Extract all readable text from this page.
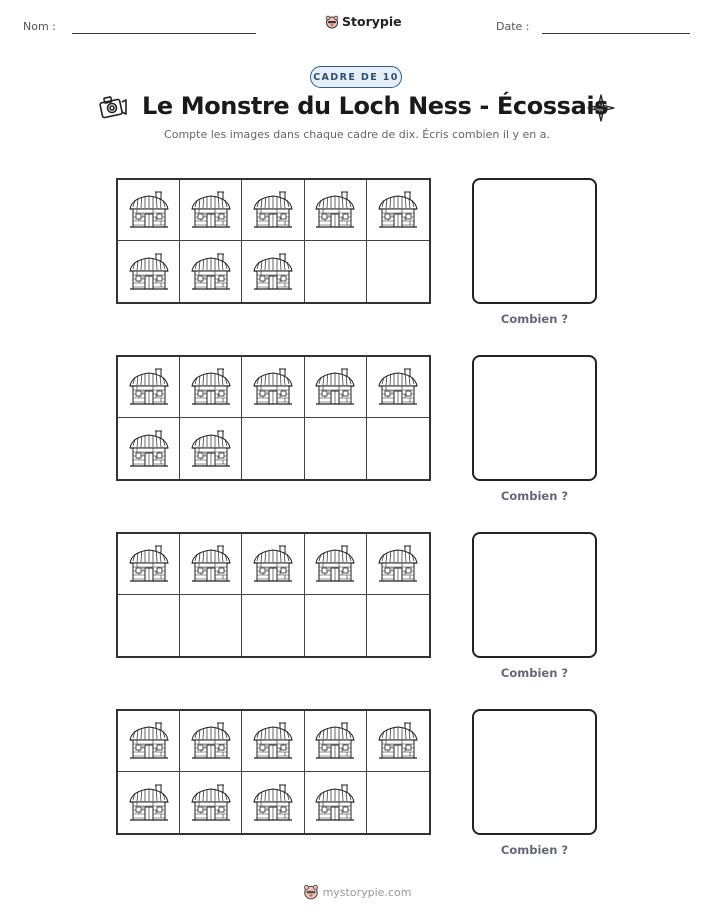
Nom :	Storypie	Date :
CADRE DE 10
Le Monstre du Loch Ness - Écossais
Compte les images dans chaque cadre de dix. Écris combien il y en a.
Combien ?
Combien ?
Combien ?
Combien ?
mystorypie.com
